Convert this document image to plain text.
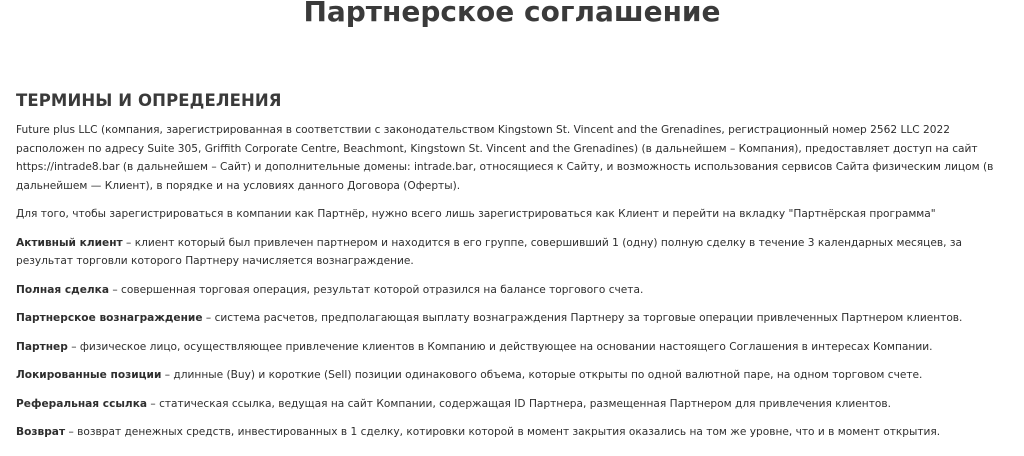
Партнерское соглашение
ТЕРМИНЫ И ОПРЕДЕЛЕНИЯ

Future plus LLC (компания, зарегистрированная в соответствии с законодательством Kingstown St. Vincent and the Grenadines, регистрационный номер 2562 LLC 2022 расположен по адресу Suite 305, Griffith Corporate Centre, Beachmont, Kingstown St. Vincent and the Grenadines) (в дальнейшем – Компания), предоставляет доступ на сайт https://intrade8.bar (в дальнейшем – Сайт) и дополнительные домены: intrade.bar, относящиеся к Сайту, и возможность использования сервисов Сайта физическим лицом (в дальнейшем — Клиент), в порядке и на условиях данного Договора (Оферты).

Для того, чтобы зарегистрироваться в компании как Партнёр, нужно всего лишь зарегистрироваться как Клиент и перейти на вкладку "Партнёрская программа"

Активный клиент – клиент который был привлечен партнером и находится в его группе, совершивший 1 (одну) полную сделку в течение 3 календарных месяцев, за результат торговли которого Партнеру начисляется вознаграждение.

Полная сделка – совершенная торговая операция, результат которой отразился на балансе торгового счета.

Партнерское вознаграждение – система расчетов, предполагающая выплату вознаграждения Партнеру за торговые операции привлеченных Партнером клиентов.

Партнер – физическое лицо, осуществляющее привлечение клиентов в Компанию и действующее на основании настоящего Соглашения в интересах Компании.

Локированные позиции – длинные (Buy) и короткие (Sell) позиции одинакового объема, которые открыты по одной валютной паре, на одном торговом счете.

Реферальная ссылка – статическая ссылка, ведущая на сайт Компании, содержащая ID Партнера, размещенная Партнером для привлечения клиентов.

Возврат – возврат денежных средств, инвестированных в 1 сделку, котировки которой в момент закрытия оказались на том же уровне, что и в момент открытия.
